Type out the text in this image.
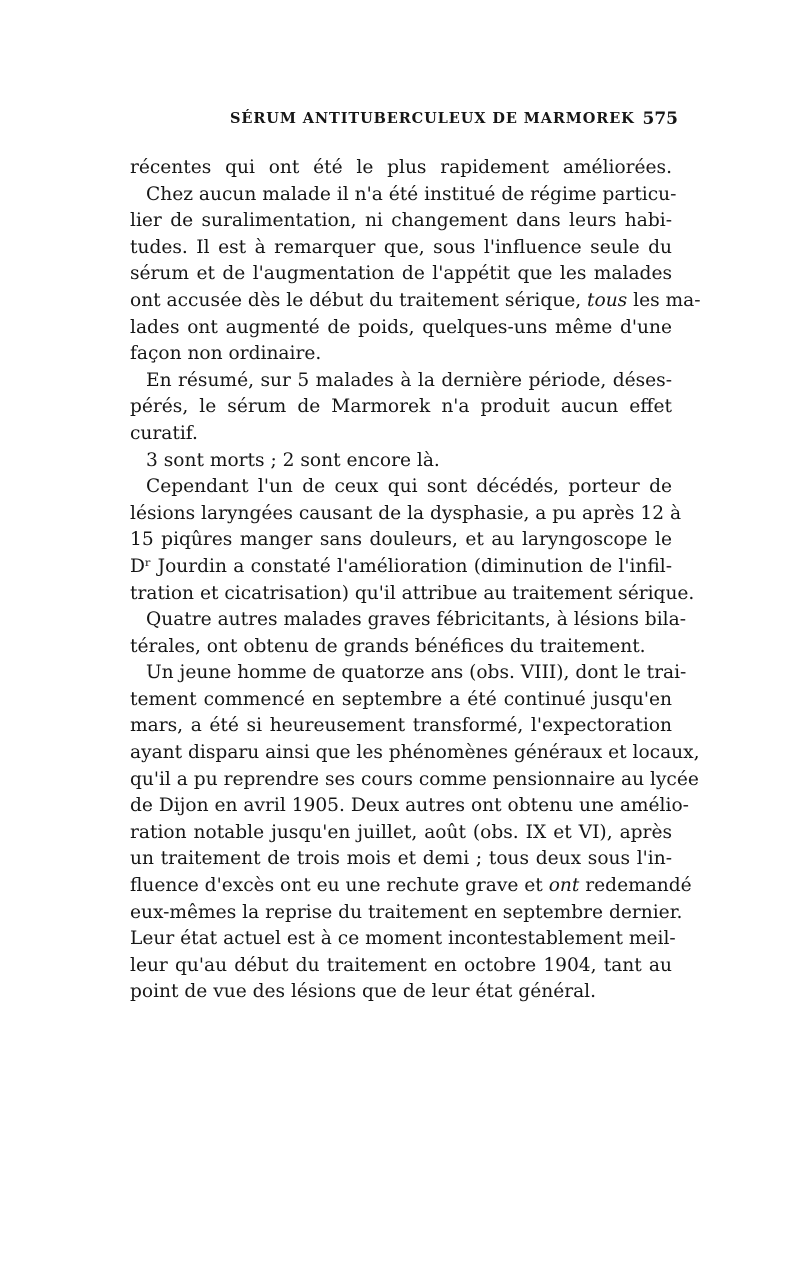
SÉRUM ANTITUBERCULEUX DE MARMOREK 575
récentes qui ont été le plus rapidement améliorées.
Chez aucun malade il n'a été institué de régime particu-
lier de suralimentation, ni changement dans leurs habi-
tudes. Il est à remarquer que, sous l'influence seule du
sérum et de l'augmentation de l'appétit que les malades
ont accusée dès le début du traitement sérique, tous les ma-
lades ont augmenté de poids, quelques-uns même d'une
façon non ordinaire.
En résumé, sur 5 malades à la dernière période, déses-
pérés, le sérum de Marmorek n'a produit aucun effet
curatif.
3 sont morts ; 2 sont encore là.
Cependant l'un de ceux qui sont décédés, porteur de
lésions laryngées causant de la dysphasie, a pu après 12 à
15 piqûres manger sans douleurs, et au laryngoscope le
Dʳ Jourdin a constaté l'amélioration (diminution de l'infil-
tration et cicatrisation) qu'il attribue au traitement sérique.
Quatre autres malades graves fébricitants, à lésions bila-
térales, ont obtenu de grands bénéfices du traitement.
Un jeune homme de quatorze ans (obs. VIII), dont le trai-
tement commencé en septembre a été continué jusqu'en
mars, a été si heureusement transformé, l'expectoration
ayant disparu ainsi que les phénomènes généraux et locaux,
qu'il a pu reprendre ses cours comme pensionnaire au lycée
de Dijon en avril 1905. Deux autres ont obtenu une amélio-
ration notable jusqu'en juillet, août (obs. IX et VI), après
un traitement de trois mois et demi ; tous deux sous l'in-
fluence d'excès ont eu une rechute grave et ont redemandé
eux-mêmes la reprise du traitement en septembre dernier.
Leur état actuel est à ce moment incontestablement meil-
leur qu'au début du traitement en octobre 1904, tant au
point de vue des lésions que de leur état général.
